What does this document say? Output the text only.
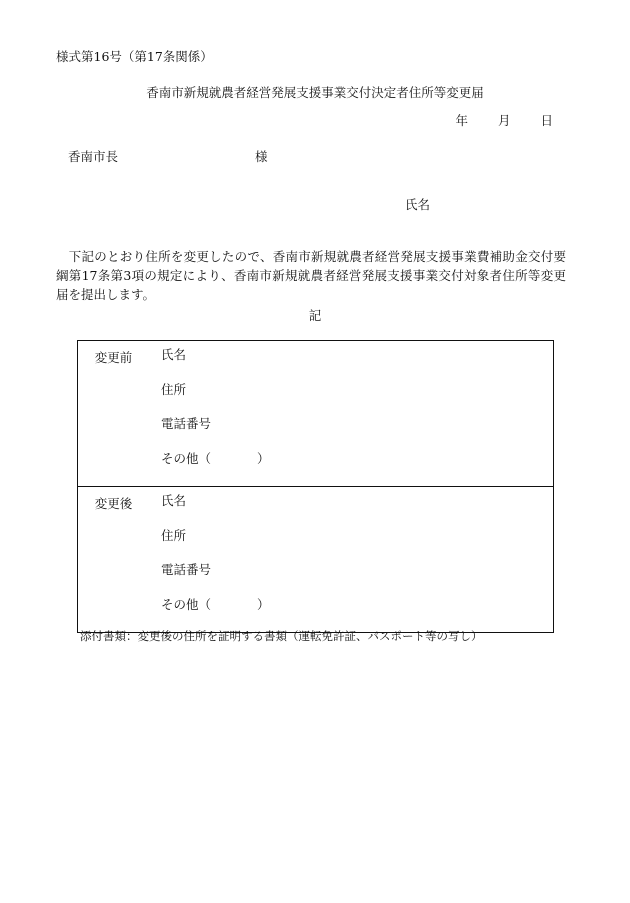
様式第16号（第17条関係）
香南市新規就農者経営発展支援事業交付決定者住所等変更届
年 月 日
香南市長	様
氏名
 下記のとおり住所を変更したので、香南市新規就農者経営発展支援事業費補助金交付要綱第17条第3項の規定により、香南市新規就農者経営発展支援事業交付対象者住所等変更届を提出します。
記
変更前	氏名
住所
電話番号
その他（ ）

変更後	氏名
住所
電話番号
その他（ ）
添付書類：変更後の住所を証明する書類（運転免許証、パスポート等の写し）
